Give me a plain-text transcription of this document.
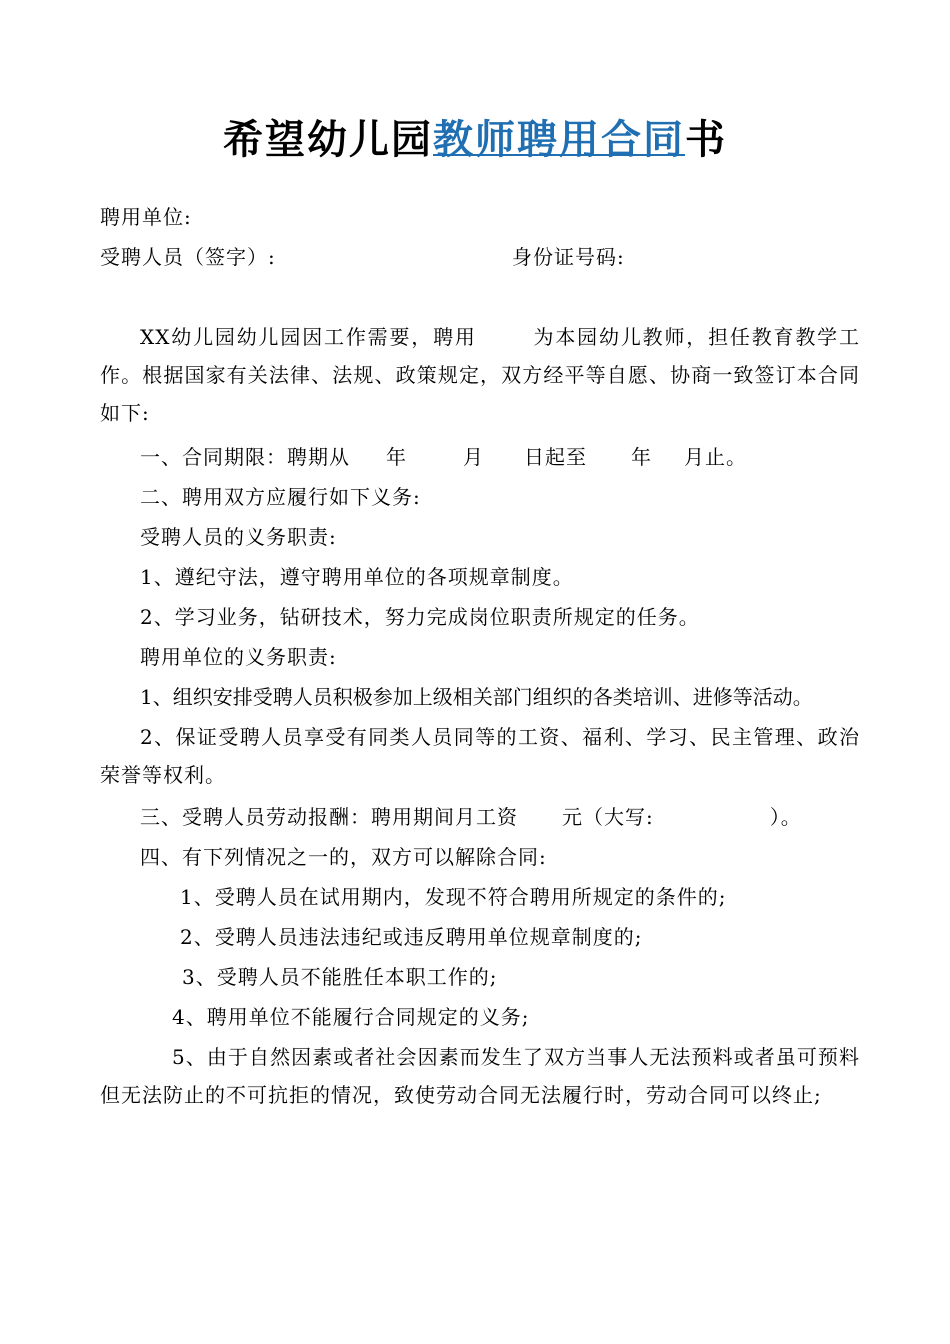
希望幼儿园教师聘用合同书
聘用单位:
受聘人员（签字）:	身份证号码:
XX幼儿园幼儿园因工作需要，聘用	为本园幼儿教师，担任教育教学工作。根据国家有关法律、法规、政策规定，双方经平等自愿、协商一致签订本合同如下:
一、合同期限：聘期从 年	月 日起至 年 月止。
二、聘用双方应履行如下义务:
受聘人员的义务职责:
1、遵纪守法，遵守聘用单位的各项规章制度。
2、学习业务，钻研技术，努力完成岗位职责所规定的任务。
聘用单位的义务职责:
1、组织安排受聘人员积极参加上级相关部门组织的各类培训、进修等活动。
2、保证受聘人员享受有同类人员同等的工资、福利、学习、民主管理、政治荣誉等权利。
三、受聘人员劳动报酬：聘用期间月工资 元（大写:	）。
四、有下列情况之一的，双方可以解除合同:
1、受聘人员在试用期内，发现不符合聘用所规定的条件的;
2、受聘人员违法违纪或违反聘用单位规章制度的;
3、受聘人员不能胜任本职工作的;
4、聘用单位不能履行合同规定的义务;
5、由于自然因素或者社会因素而发生了双方当事人无法预料或者虽可预料但无法防止的不可抗拒的情况，致使劳动合同无法履行时，劳动合同可以终止;
